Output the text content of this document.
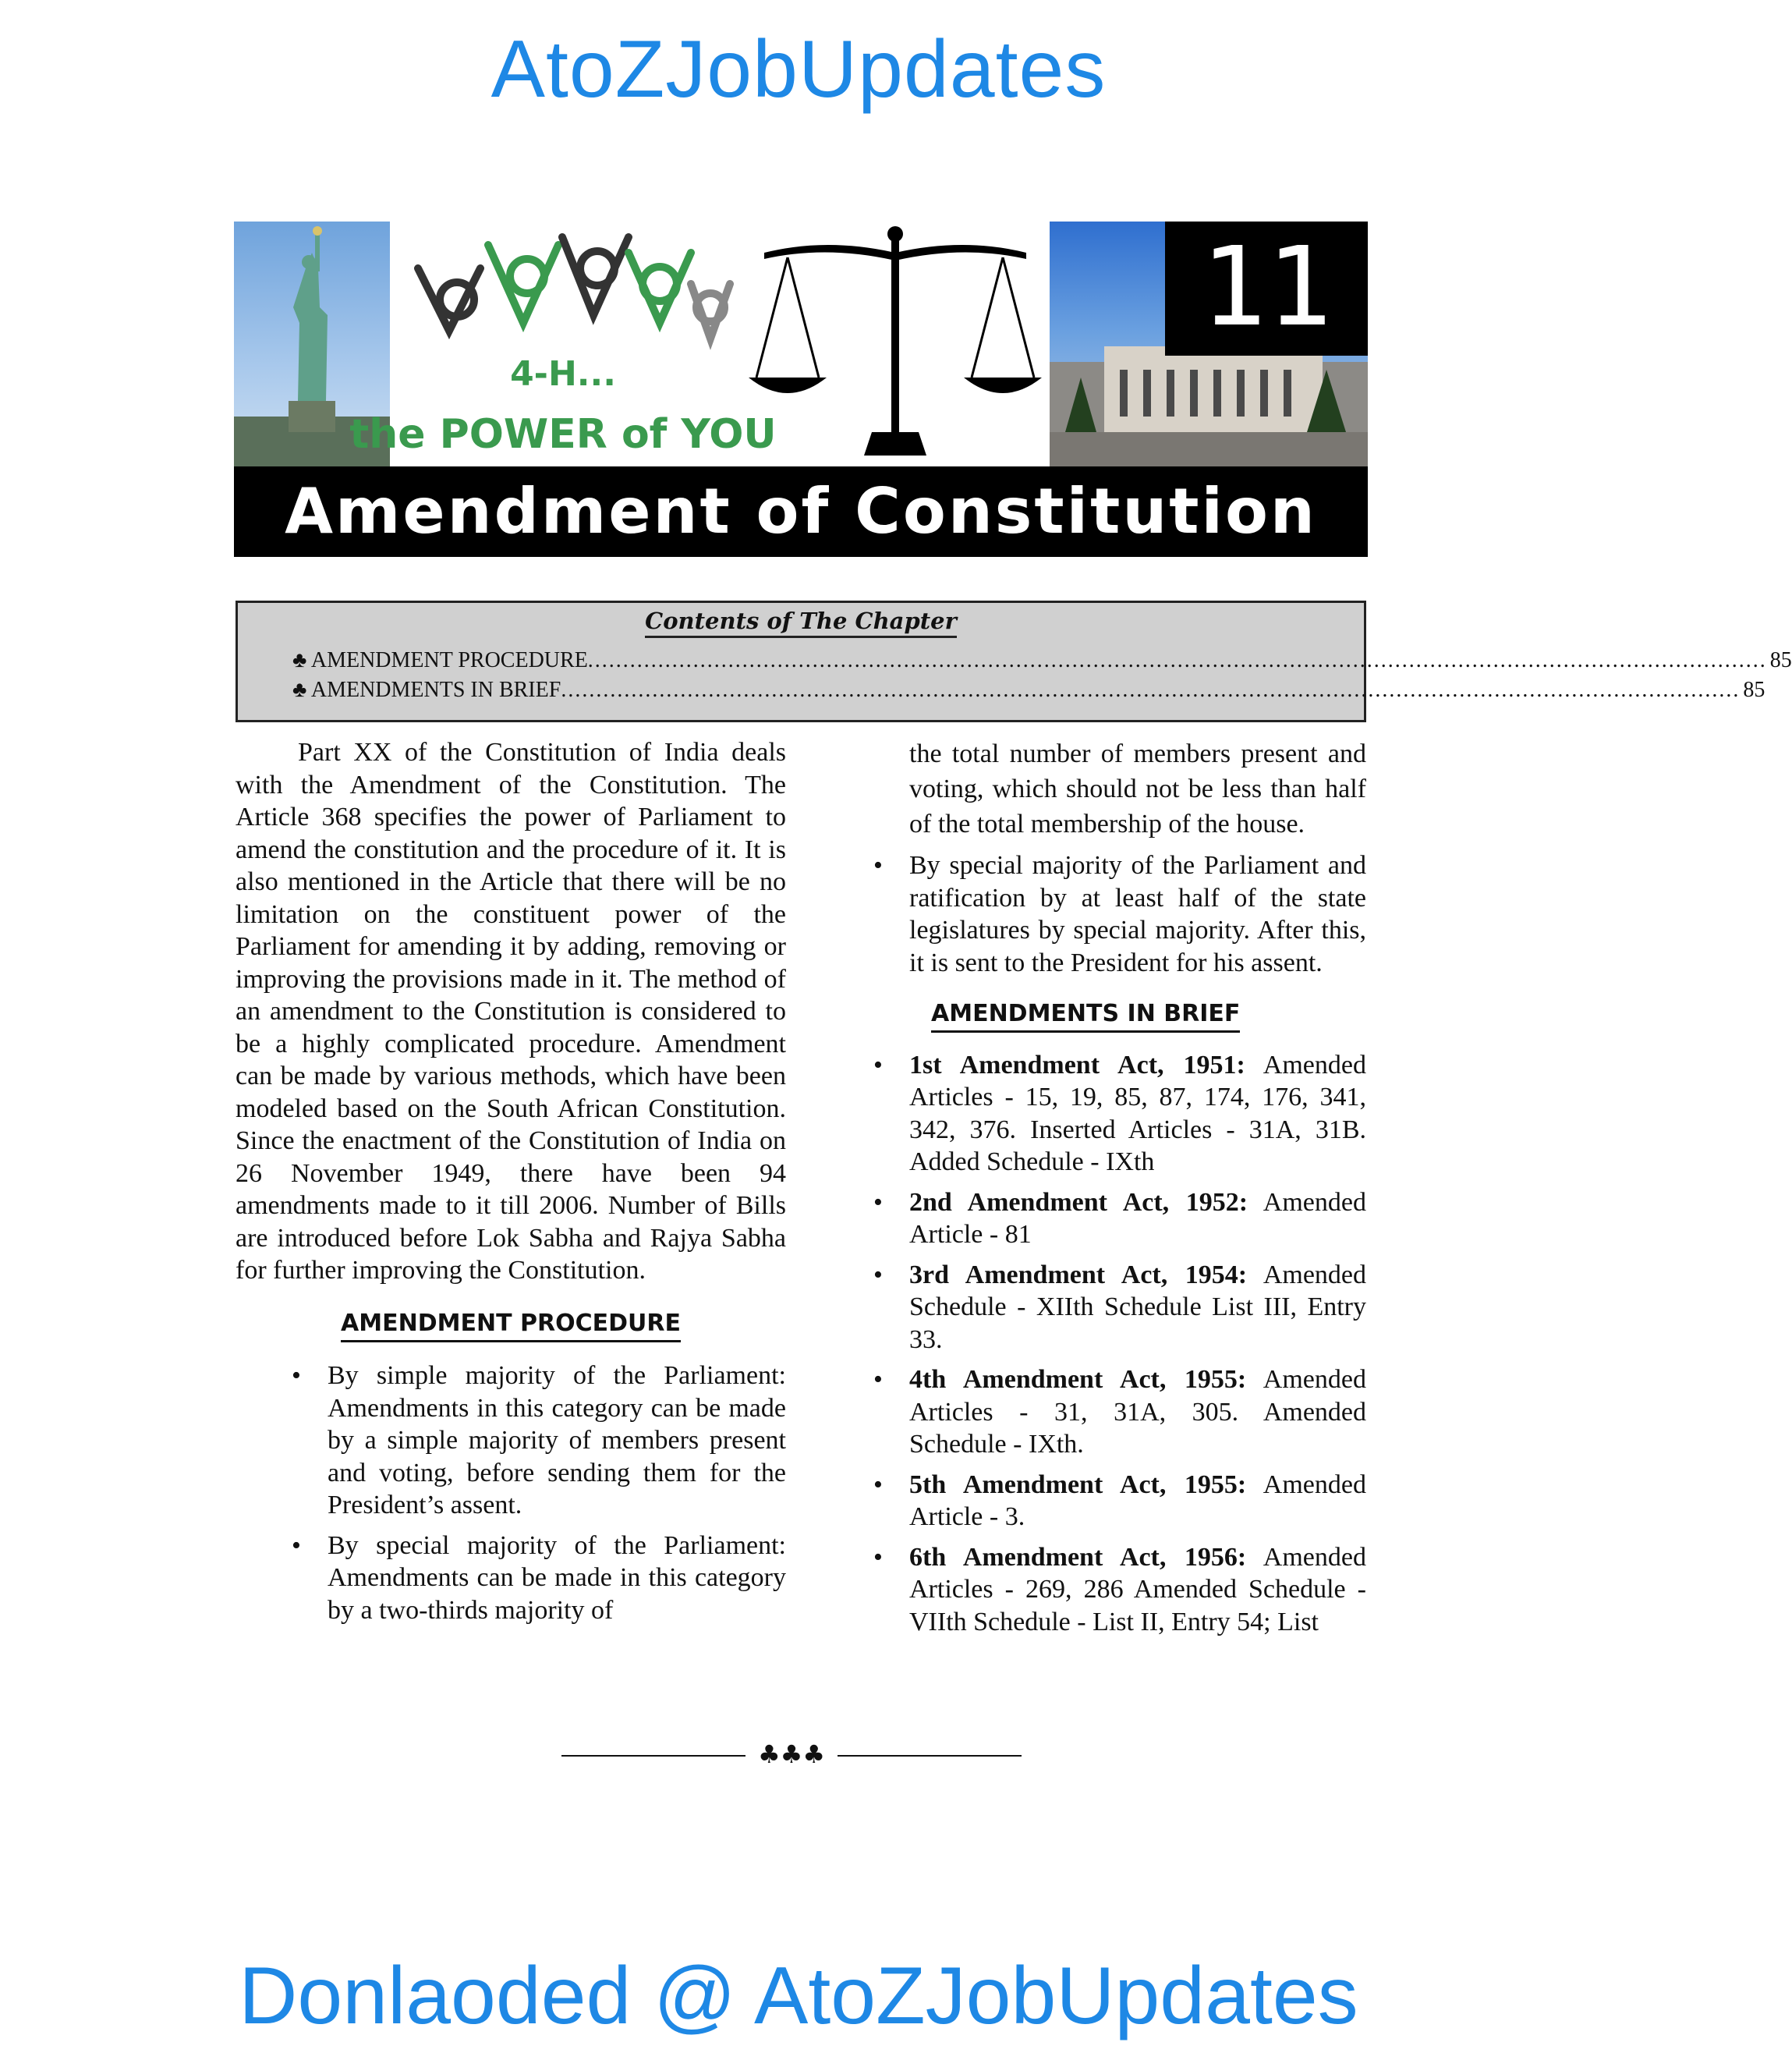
AtoZJobUpdates
4-H...
the POWER of YOU
11
Amendment of Constitution
Contents of The Chapter
♣ AMENDMENT PROCEDURE ........................................................................................................................................................................ 85
♣ AMENDMENTS IN BRIEF ........................................................................................................................................................................ 85

Part XX of the Constitution of India deals with the Amendment of the Constitution. The Article 368 specifies the power of Parliament to amend the constitution and the procedure of it. It is also mentioned in the Article that there will be no limitation on the constituent power of the Parliament for amending it by adding, removing or improving the provisions made in it. The method of an amendment to the Constitution is considered to be a highly complicated procedure. Amendment can be made by various methods, which have been modeled based on the South African Constitution. Since the enactment of the Constitution of India on 26 November 1949, there have been 94 amendments made to it till 2006. Number of Bills are introduced before Lok Sabha and Rajya Sabha for further improving the Constitution.

AMENDMENT PROCEDURE

• By simple majority of the Parliament: Amendments in this category can be made by a simple majority of members present and voting, before sending them for the President’s assent.
• By special majority of the Parliament: Amendments can be made in this category by a two-thirds majority of

the total number of members present and voting, which should not be less than half of the total membership of the house.

• By special majority of the Parliament and ratification by at least half of the state legislatures by special majority. After this, it is sent to the President for his assent.

AMENDMENTS IN BRIEF

• 1st Amendment Act, 1951: Amended Articles - 15, 19, 85, 87, 174, 176, 341, 342, 376. Inserted Articles - 31A, 31B. Added Schedule - IXth
• 2nd Amendment Act, 1952: Amended Article - 81
• 3rd Amendment Act, 1954: Amended Schedule - XIIth Schedule List III, Entry 33.
• 4th Amendment Act, 1955: Amended Articles - 31, 31A, 305. Amended Schedule - IXth.
• 5th Amendment Act, 1955: Amended Article - 3.
• 6th Amendment Act, 1956: Amended Articles - 269, 286 Amended Schedule - VIIth Schedule - List II, Entry 54; List
♣♣♣
Donlaoded @ AtoZJobUpdates
